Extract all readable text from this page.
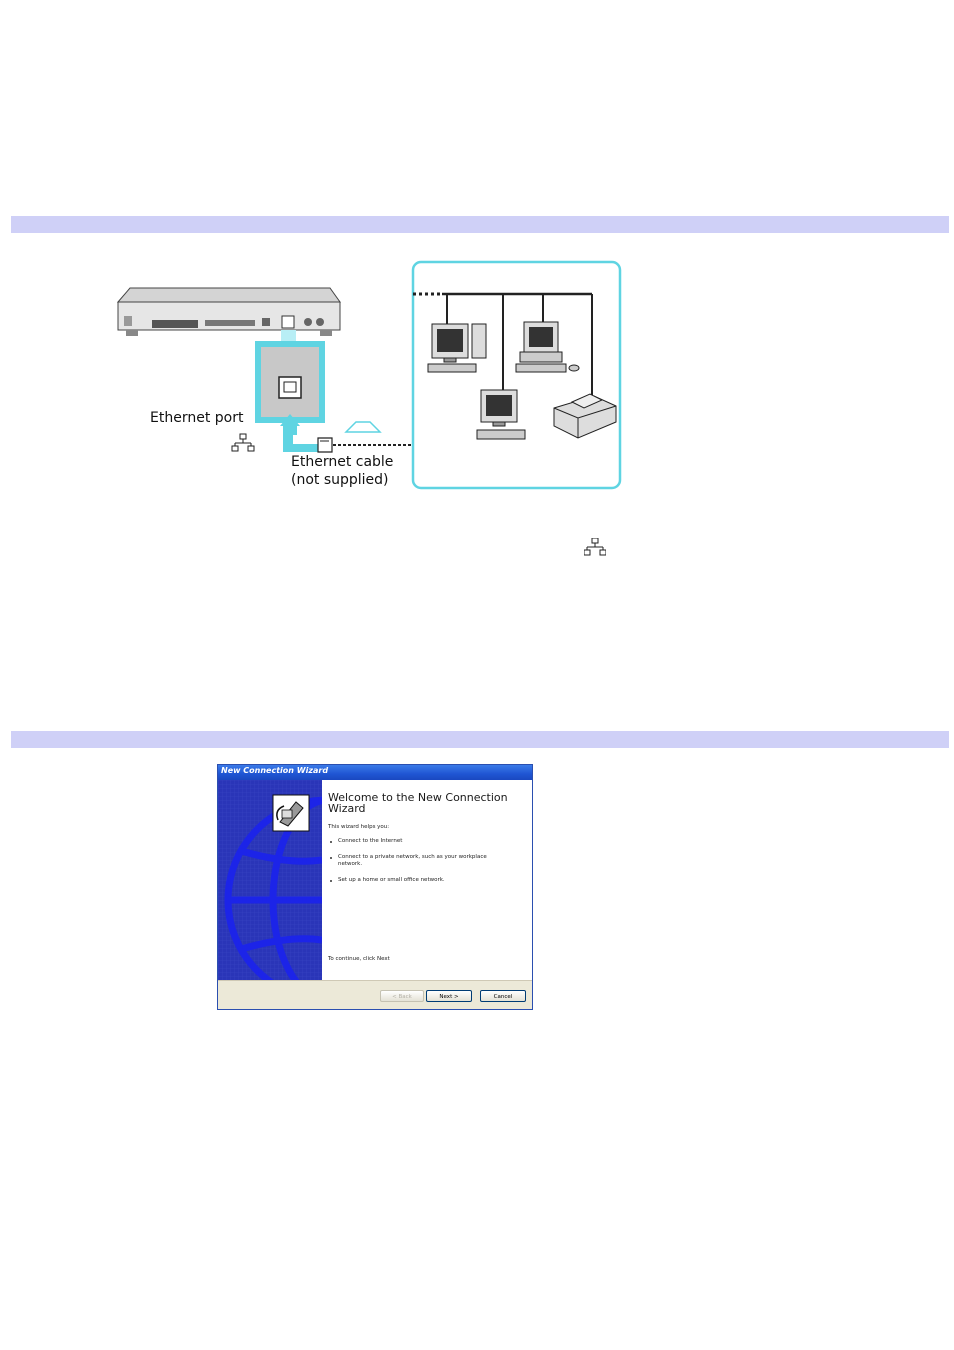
Ethernet port
Ethernet cable
(not supplied)
New Connection Wizard
Welcome to the New Connection
Wizard
This wizard helps you:
Connect to the Internet
Connect to a private network, such as your workplace
network.
Set up a home or small office network.
To continue, click Next
< Back	Next >	Cancel
